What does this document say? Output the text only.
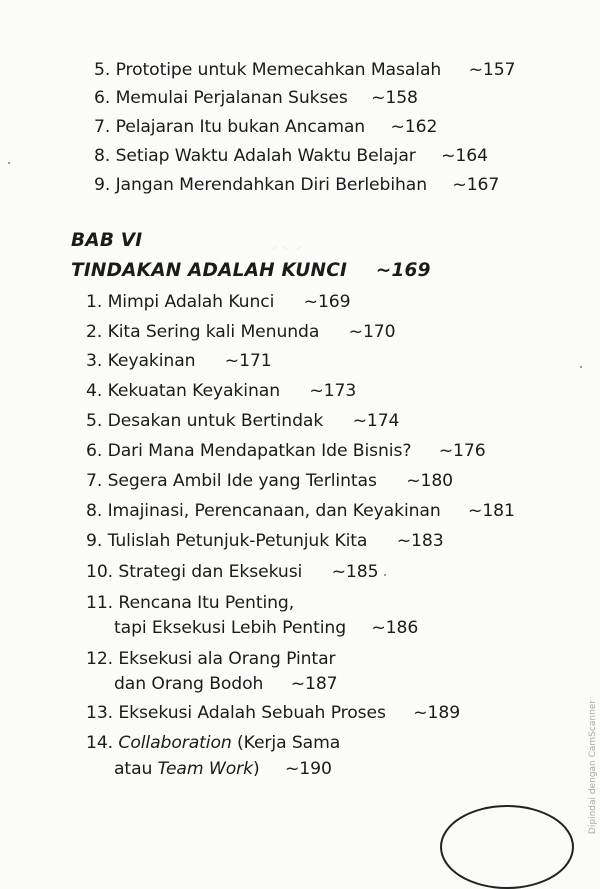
ˏ ˎ ˏ
5. Prototipe untuk Memecahkan Masalah ~157
6. Memulai Perjalanan Sukses ~158
7. Pelajaran Itu bukan Ancaman ~162
8. Setiap Waktu Adalah Waktu Belajar ~164
9. Jangan Merendahkan Diri Berlebihan ~167
BAB VI
TINDAKAN ADALAH KUNCI ~169
1. Mimpi Adalah Kunci ~169
2. Kita Sering kali Menunda ~170
3. Keyakinan ~171
4. Kekuatan Keyakinan ~173
5. Desakan untuk Bertindak ~174
6. Dari Mana Mendapatkan Ide Bisnis? ~176
7. Segera Ambil Ide yang Terlintas ~180
8. Imajinasi, Perencanaan, dan Keyakinan ~181
9. Tulislah Petunjuk-Petunjuk Kita ~183
10. Strategi dan Eksekusi ~185
11. Rencana Itu Penting,
tapi Eksekusi Lebih Penting ~186
12. Eksekusi ala Orang Pintar
dan Orang Bodoh ~187
13. Eksekusi Adalah Sebuah Proses ~189
14. Collaboration (Kerja Sama
atau Team Work) ~190	Dipindai dengan CamScanner
